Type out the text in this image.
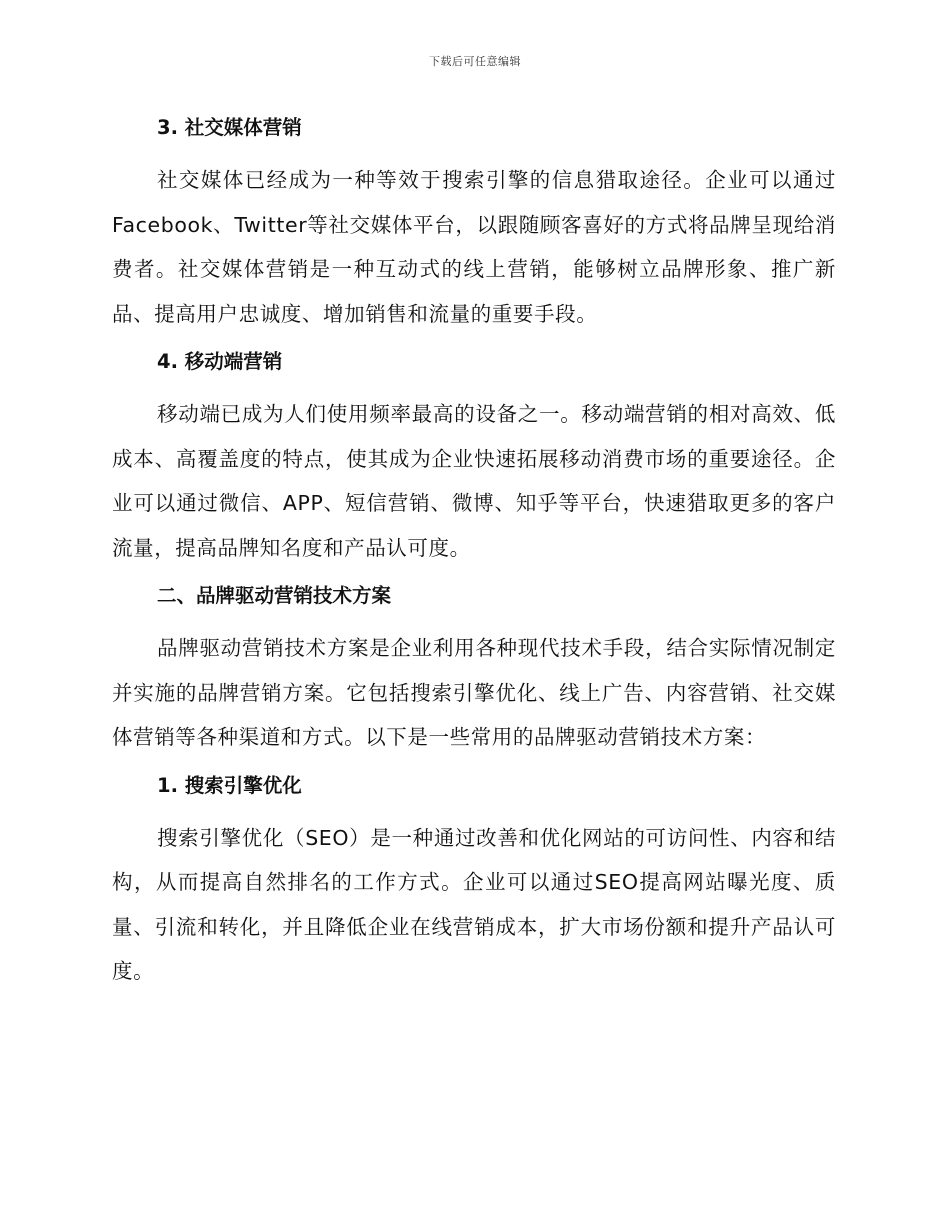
下载后可任意编辑
3. 社交媒体营销

社交媒体已经成为一种等效于搜索引擎的信息猎取途径。企业可以通过Facebook、Twitter等社交媒体平台，以跟随顾客喜好的方式将品牌呈现给消费者。社交媒体营销是一种互动式的线上营销，能够树立品牌形象、推广新品、提高用户忠诚度、增加销售和流量的重要手段。

4. 移动端营销

移动端已成为人们使用频率最高的设备之一。移动端营销的相对高效、低成本、高覆盖度的特点，使其成为企业快速拓展移动消费市场的重要途径。企业可以通过微信、APP、短信营销、微博、知乎等平台，快速猎取更多的客户流量，提高品牌知名度和产品认可度。

二、品牌驱动营销技术方案

品牌驱动营销技术方案是企业利用各种现代技术手段，结合实际情况制定并实施的品牌营销方案。它包括搜索引擎优化、线上广告、内容营销、社交媒体营销等各种渠道和方式。以下是一些常用的品牌驱动营销技术方案：

1. 搜索引擎优化

搜索引擎优化（SEO）是一种通过改善和优化网站的可访问性、内容和结构，从而提高自然排名的工作方式。企业可以通过SEO提高网站曝光度、质量、引流和转化，并且降低企业在线营销成本，扩大市场份额和提升产品认可度。
